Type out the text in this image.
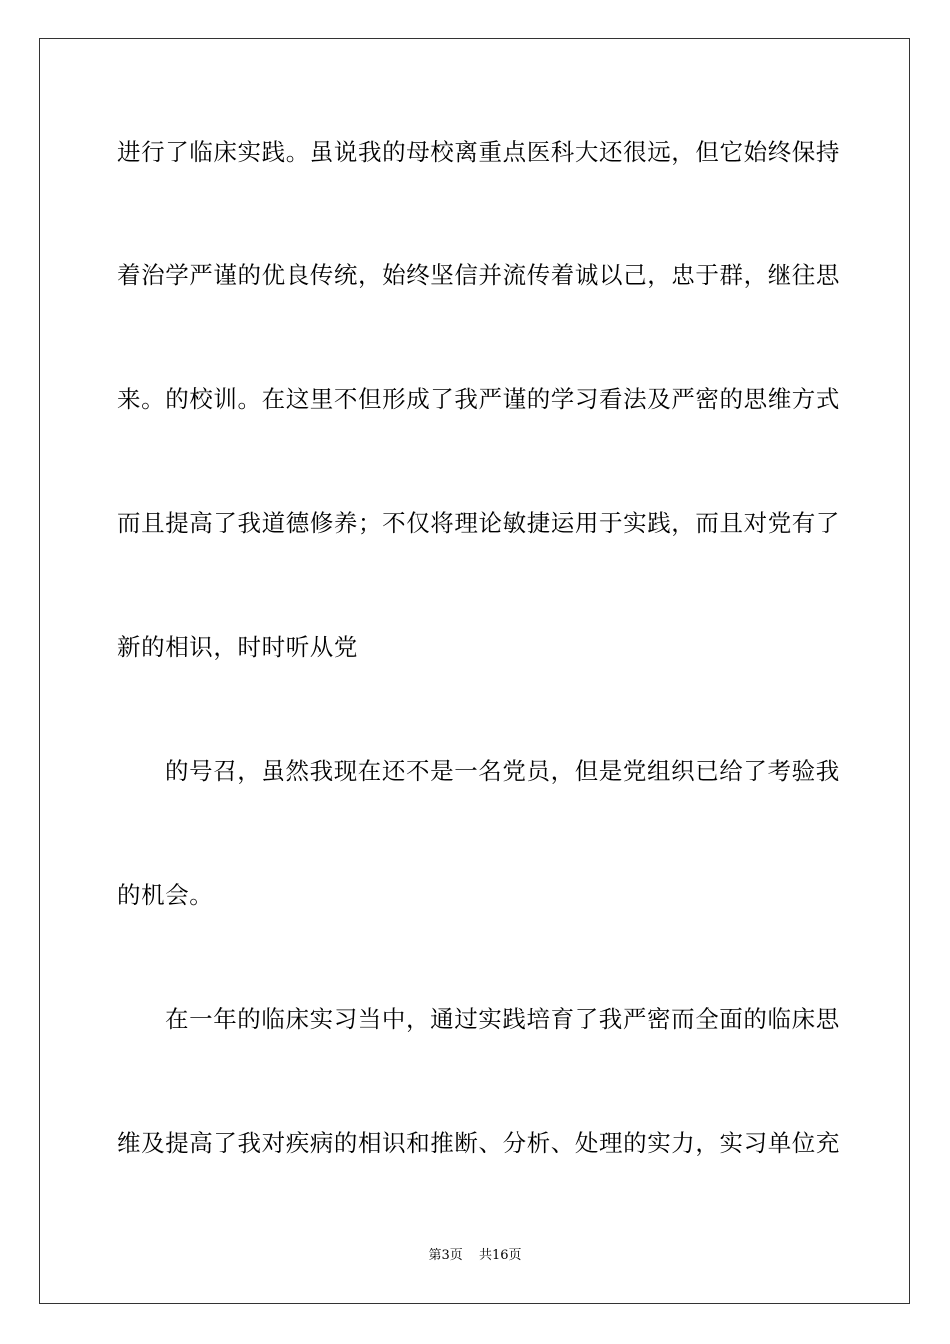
进行了临床实践。虽说我的母校离重点医科大还很远，但它始终保持
着治学严谨的优良传统，始终坚信并流传着诚以己，忠于群，继往思
来。的校训。在这里不但形成了我严谨的学习看法及严密的思维方式
而且提高了我道德修养；不仅将理论敏捷运用于实践，而且对党有了
新的相识，时时听从党
的号召，虽然我现在还不是一名党员，但是党组织已给了考验我
的机会。
在一年的临床实习当中，通过实践培育了我严密而全面的临床思
维及提高了我对疾病的相识和推断、分析、处理的实力，实习单位充
第3页 共16页
